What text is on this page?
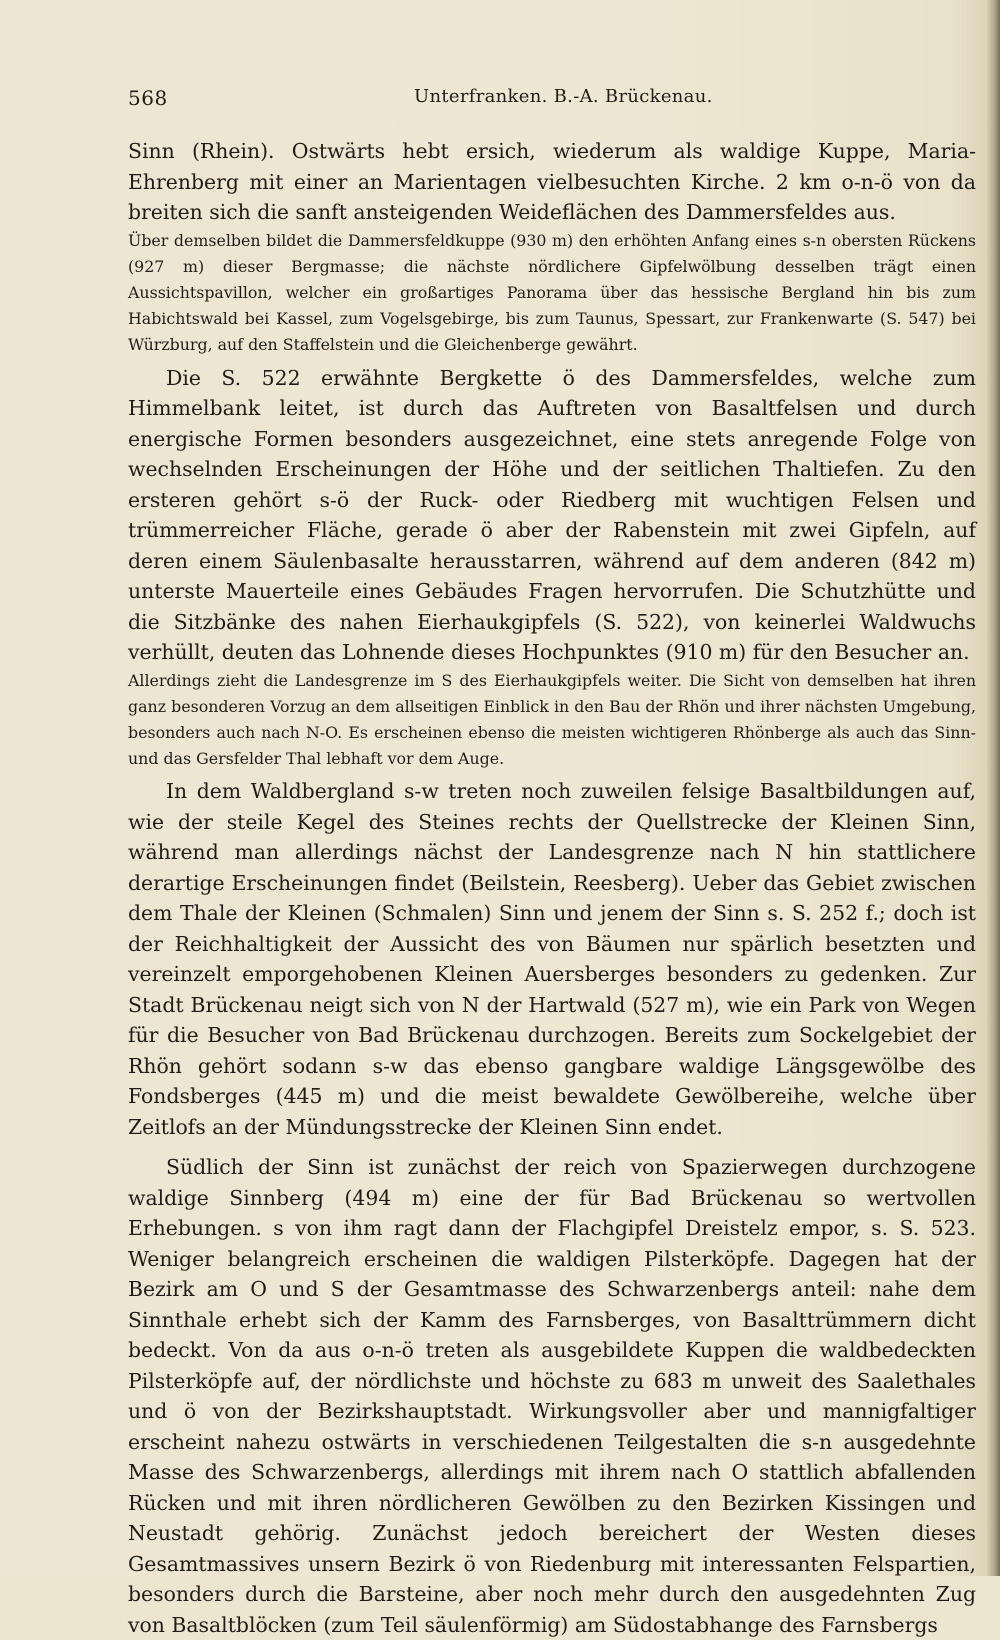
568	Unterfranken. B.-A. Brückenau.

Sinn (Rhein). Ostwärts hebt ersich, wiederum als waldige Kuppe, Maria-Ehrenberg mit einer an Marientagen vielbesuchten Kirche. 2 km o-n-ö von da breiten sich die sanft ansteigenden Weideflächen des Dammersfeldes aus.

Über demselben bildet die Dammersfeldkuppe (930 m) den erhöhten Anfang eines s-n obersten Rückens (927 m) dieser Bergmasse; die nächste nördlichere Gipfelwölbung desselben trägt einen Aussichtspavillon, welcher ein großartiges Panorama über das hessische Bergland hin bis zum Habichtswald bei Kassel, zum Vogelsgebirge, bis zum Taunus, Spessart, zur Frankenwarte (S. 547) bei Würzburg, auf den Staffelstein und die Gleichenberge gewährt.

Die S. 522 erwähnte Bergkette ö des Dammersfeldes, welche zum Himmelbank leitet, ist durch das Auftreten von Basaltfelsen und durch energische Formen besonders ausgezeichnet, eine stets anregende Folge von wechselnden Erscheinungen der Höhe und der seitlichen Thaltiefen. Zu den ersteren gehört s-ö der Ruck- oder Riedberg mit wuchtigen Felsen und trümmerreicher Fläche, gerade ö aber der Rabenstein mit zwei Gipfeln, auf deren einem Säulenbasalte herausstarren, während auf dem anderen (842 m) unterste Mauerteile eines Gebäudes Fragen hervorrufen. Die Schutzhütte und die Sitzbänke des nahen Eierhaukgipfels (S. 522), von keinerlei Waldwuchs verhüllt, deuten das Lohnende dieses Hochpunktes (910 m) für den Besucher an.

Allerdings zieht die Landesgrenze im S des Eierhaukgipfels weiter. Die Sicht von demselben hat ihren ganz besonderen Vorzug an dem allseitigen Einblick in den Bau der Rhön und ihrer nächsten Umgebung, besonders auch nach N-O. Es erscheinen ebenso die meisten wichtigeren Rhönberge als auch das Sinn- und das Gersfelder Thal lebhaft vor dem Auge.

In dem Waldbergland s-w treten noch zuweilen felsige Basaltbildungen auf, wie der steile Kegel des Steines rechts der Quellstrecke der Kleinen Sinn, während man allerdings nächst der Landesgrenze nach N hin stattlichere derartige Erscheinungen findet (Beilstein, Reesberg). Ueber das Gebiet zwischen dem Thale der Kleinen (Schmalen) Sinn und jenem der Sinn s. S. 252 f.; doch ist der Reichhaltigkeit der Aussicht des von Bäumen nur spärlich besetzten und vereinzelt emporgehobenen Kleinen Auersberges besonders zu gedenken. Zur Stadt Brückenau neigt sich von N der Hartwald (527 m), wie ein Park von Wegen für die Besucher von Bad Brückenau durchzogen. Bereits zum Sockelgebiet der Rhön gehört sodann s-w das ebenso gangbare waldige Längsgewölbe des Fondsberges (445 m) und die meist bewaldete Gewölbereihe, welche über Zeitlofs an der Mündungsstrecke der Kleinen Sinn endet.

Südlich der Sinn ist zunächst der reich von Spazierwegen durchzogene waldige Sinnberg (494 m) eine der für Bad Brückenau so wertvollen Erhebungen. s von ihm ragt dann der Flachgipfel Dreistelz empor, s. S. 523. Weniger belangreich erscheinen die waldigen Pilsterköpfe. Dagegen hat der Bezirk am O und S der Gesamtmasse des Schwarzenbergs anteil: nahe dem Sinnthale erhebt sich der Kamm des Farnsberges, von Basalttrümmern dicht bedeckt. Von da aus o-n-ö treten als ausgebildete Kuppen die waldbedeckten Pilsterköpfe auf, der nördlichste und höchste zu 683 m unweit des Saalethales und ö von der Bezirkshauptstadt. Wirkungsvoller aber und mannigfaltiger erscheint nahezu ostwärts in verschiedenen Teilgestalten die s-n ausgedehnte Masse des Schwarzenbergs, allerdings mit ihrem nach O stattlich abfallenden Rücken und mit ihren nördlicheren Gewölben zu den Bezirken Kissingen und Neustadt gehörig. Zunächst jedoch bereichert der Westen dieses Gesamtmassives unsern Bezirk ö von Riedenburg mit interessanten Felspartien, besonders durch die Barsteine, aber noch mehr durch den ausgedehnten Zug von Basaltblöcken (zum Teil säulenförmig) am Südostabhange des Farnsbergs
